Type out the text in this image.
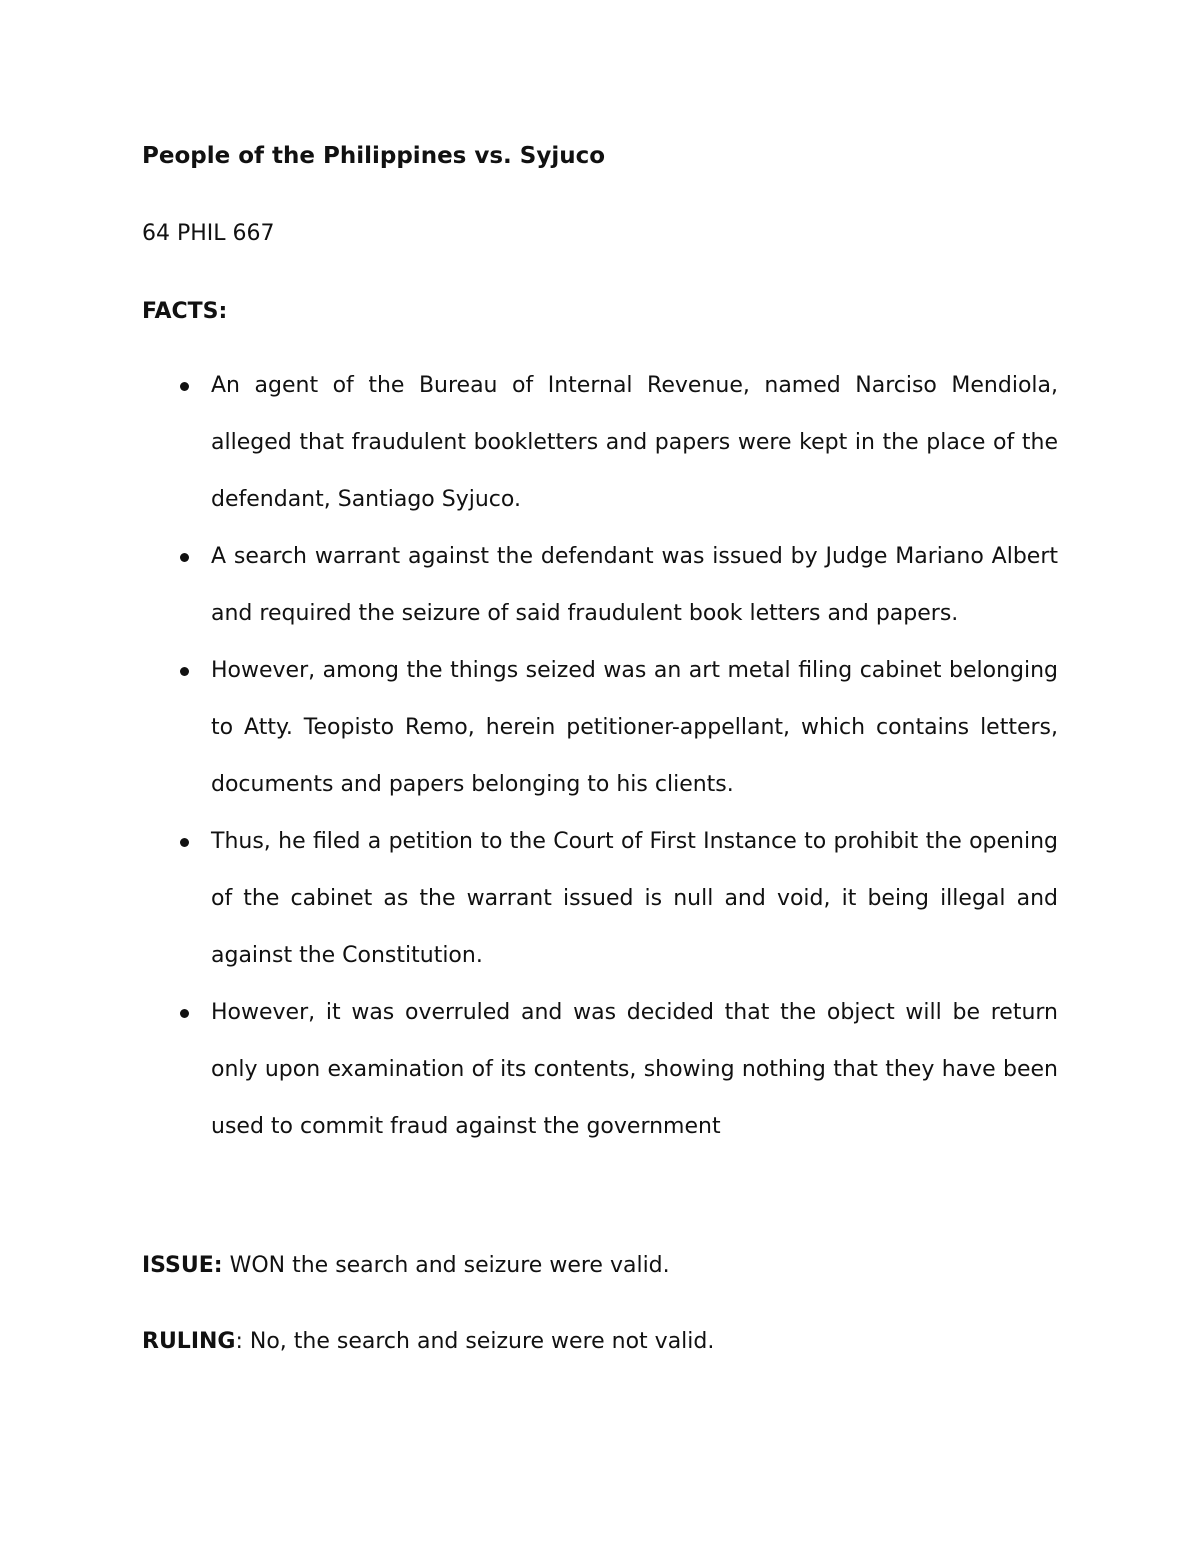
People of the Philippines vs. Syjuco

64 PHIL 667

FACTS:

An agent of the Bureau of Internal Revenue, named Narciso Mendiola, alleged that fraudulent bookletters and papers were kept in the place of the defendant, Santiago Syjuco.
A search warrant against the defendant was issued by Judge Mariano Albert and required the seizure of said fraudulent book letters and papers.
However, among the things seized was an art metal filing cabinet belonging to Atty. Teopisto Remo, herein petitioner-appellant, which contains letters, documents and papers belonging to his clients.
Thus, he filed a petition to the Court of First Instance to prohibit the opening of the cabinet as the warrant issued is null and void, it being illegal and against the Constitution.
However, it was overruled and was decided that the object will be return only upon examination of its contents, showing nothing that they have been used to commit fraud against the government

ISSUE: WON the search and seizure were valid.

RULING: No, the search and seizure were not valid.
